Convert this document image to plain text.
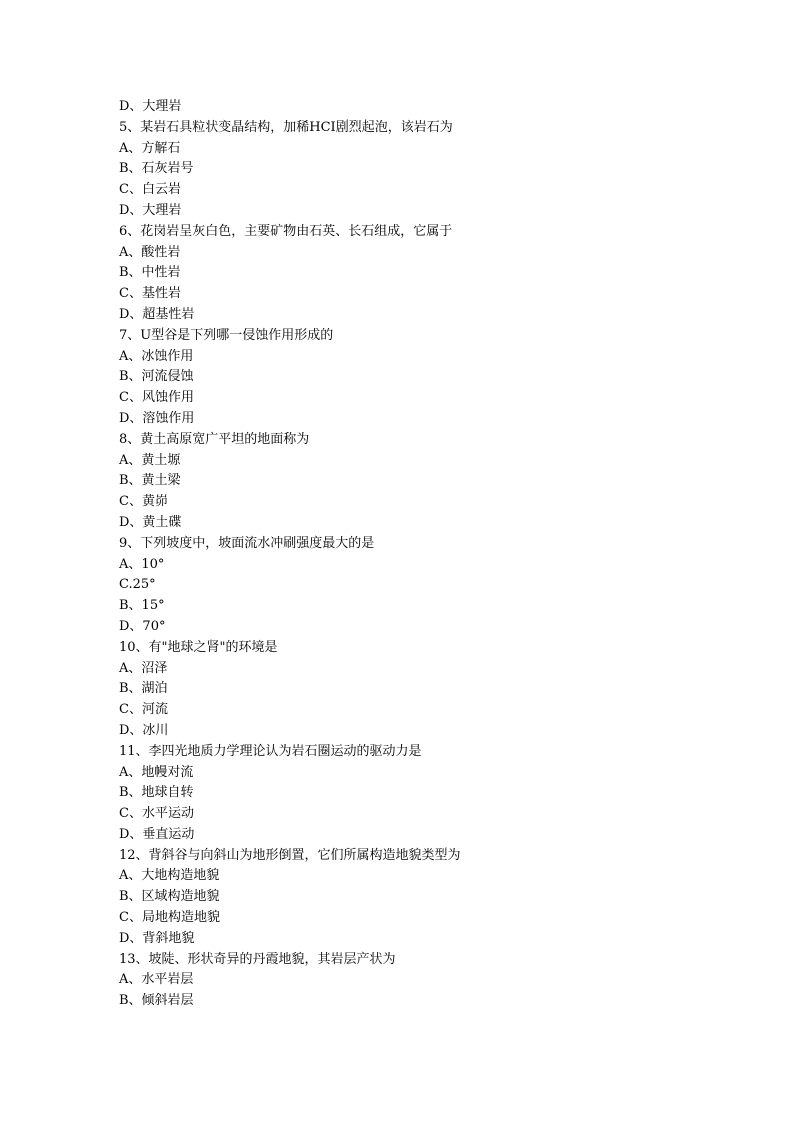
D、大理岩
5、某岩石具粒状变晶结构，加稀HCI剧烈起泡，该岩石为
A、方解石
B、石灰岩号
C、白云岩
D、大理岩
6、花岗岩呈灰白色，主要矿物由石英、长石组成，它属于
A、酸性岩
B、中性岩
C、基性岩
D、超基性岩
7、U型谷是下列哪一侵蚀作用形成的
A、冰蚀作用
B、河流侵蚀
C、风蚀作用
D、溶蚀作用
8、黄土高原宽广平坦的地面称为
A、黄土塬
B、黄土梁
C、黄峁
D、黄土碟
9、下列坡度中，坡面流水冲刷强度最大的是
A、10°
C.25°
B、15°
D、70°
10、有"地球之肾"的环境是
A、沼泽
B、湖泊
C、河流
D、冰川
11、李四光地质力学理论认为岩石圈运动的驱动力是
A、地幔对流
B、地球自转
C、水平运动
D、垂直运动
12、背斜谷与向斜山为地形倒置，它们所属构造地貌类型为
A、大地构造地貌
B、区域构造地貌
C、局地构造地貌
D、背斜地貌
13、坡陡、形状奇异的丹霞地貌，其岩层产状为
A、水平岩层
B、倾斜岩层
